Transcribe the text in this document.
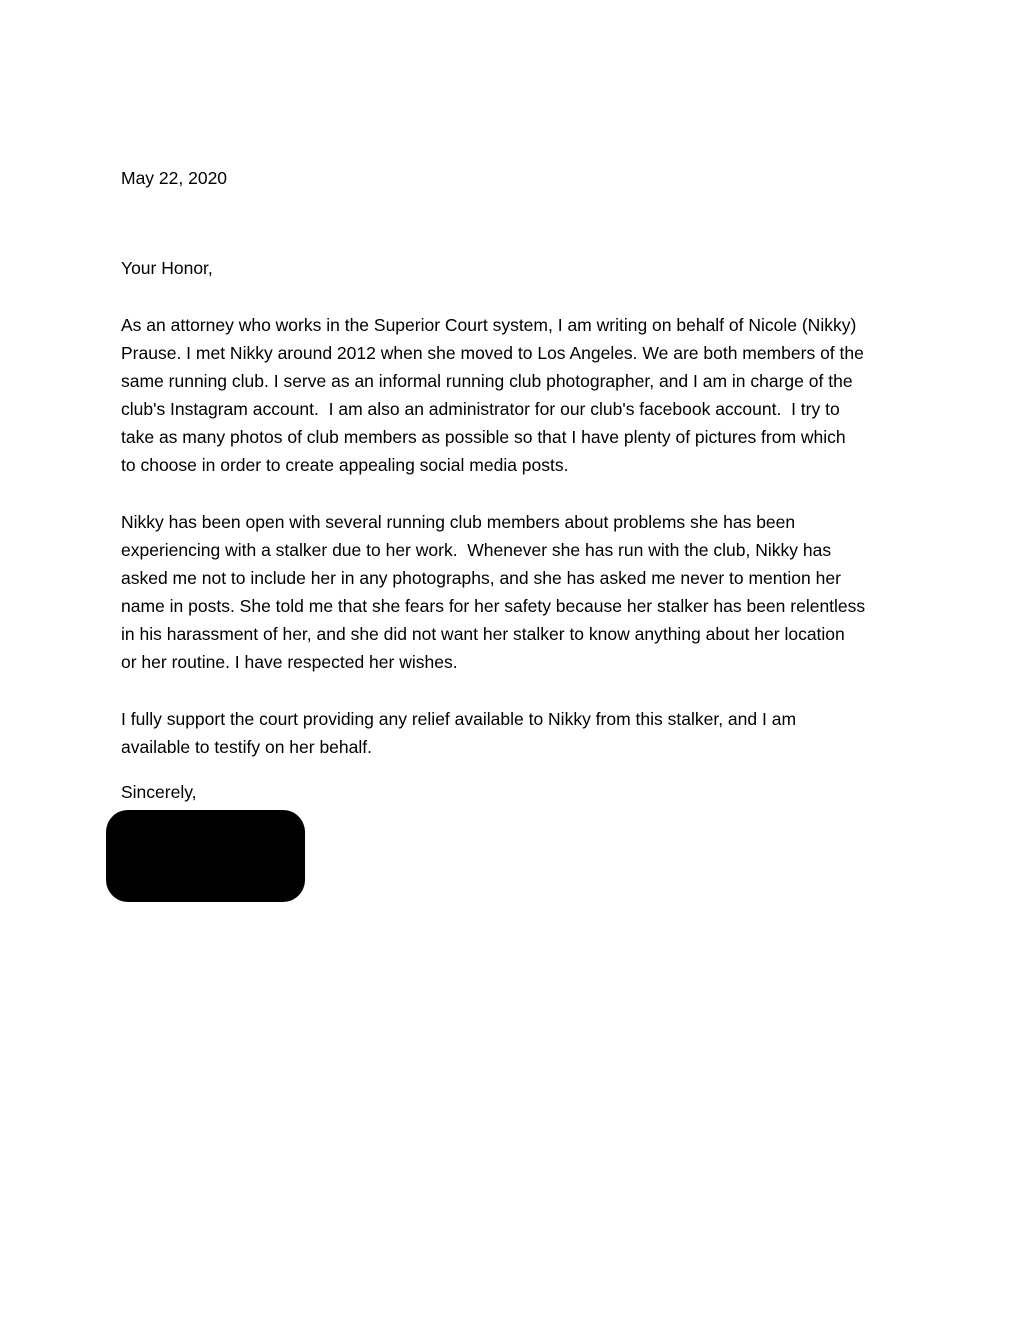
May 22, 2020
Your Honor,
As an attorney who works in the Superior Court system, I am writing on behalf of Nicole (Nikky)
Prause. I met Nikky around 2012 when she moved to Los Angeles. We are both members of the
same running club. I serve as an informal running club photographer, and I am in charge of the
club's Instagram account.  I am also an administrator for our club's facebook account.  I try to
take as many photos of club members as possible so that I have plenty of pictures from which
to choose in order to create appealing social media posts.
Nikky has been open with several running club members about problems she has been
experiencing with a stalker due to her work.  Whenever she has run with the club, Nikky has
asked me not to include her in any photographs, and she has asked me never to mention her
name in posts. She told me that she fears for her safety because her stalker has been relentless
in his harassment of her, and she did not want her stalker to know anything about her location
or her routine. I have respected her wishes.
I fully support the court providing any relief available to Nikky from this stalker, and I am
available to testify on her behalf.
Sincerely,
